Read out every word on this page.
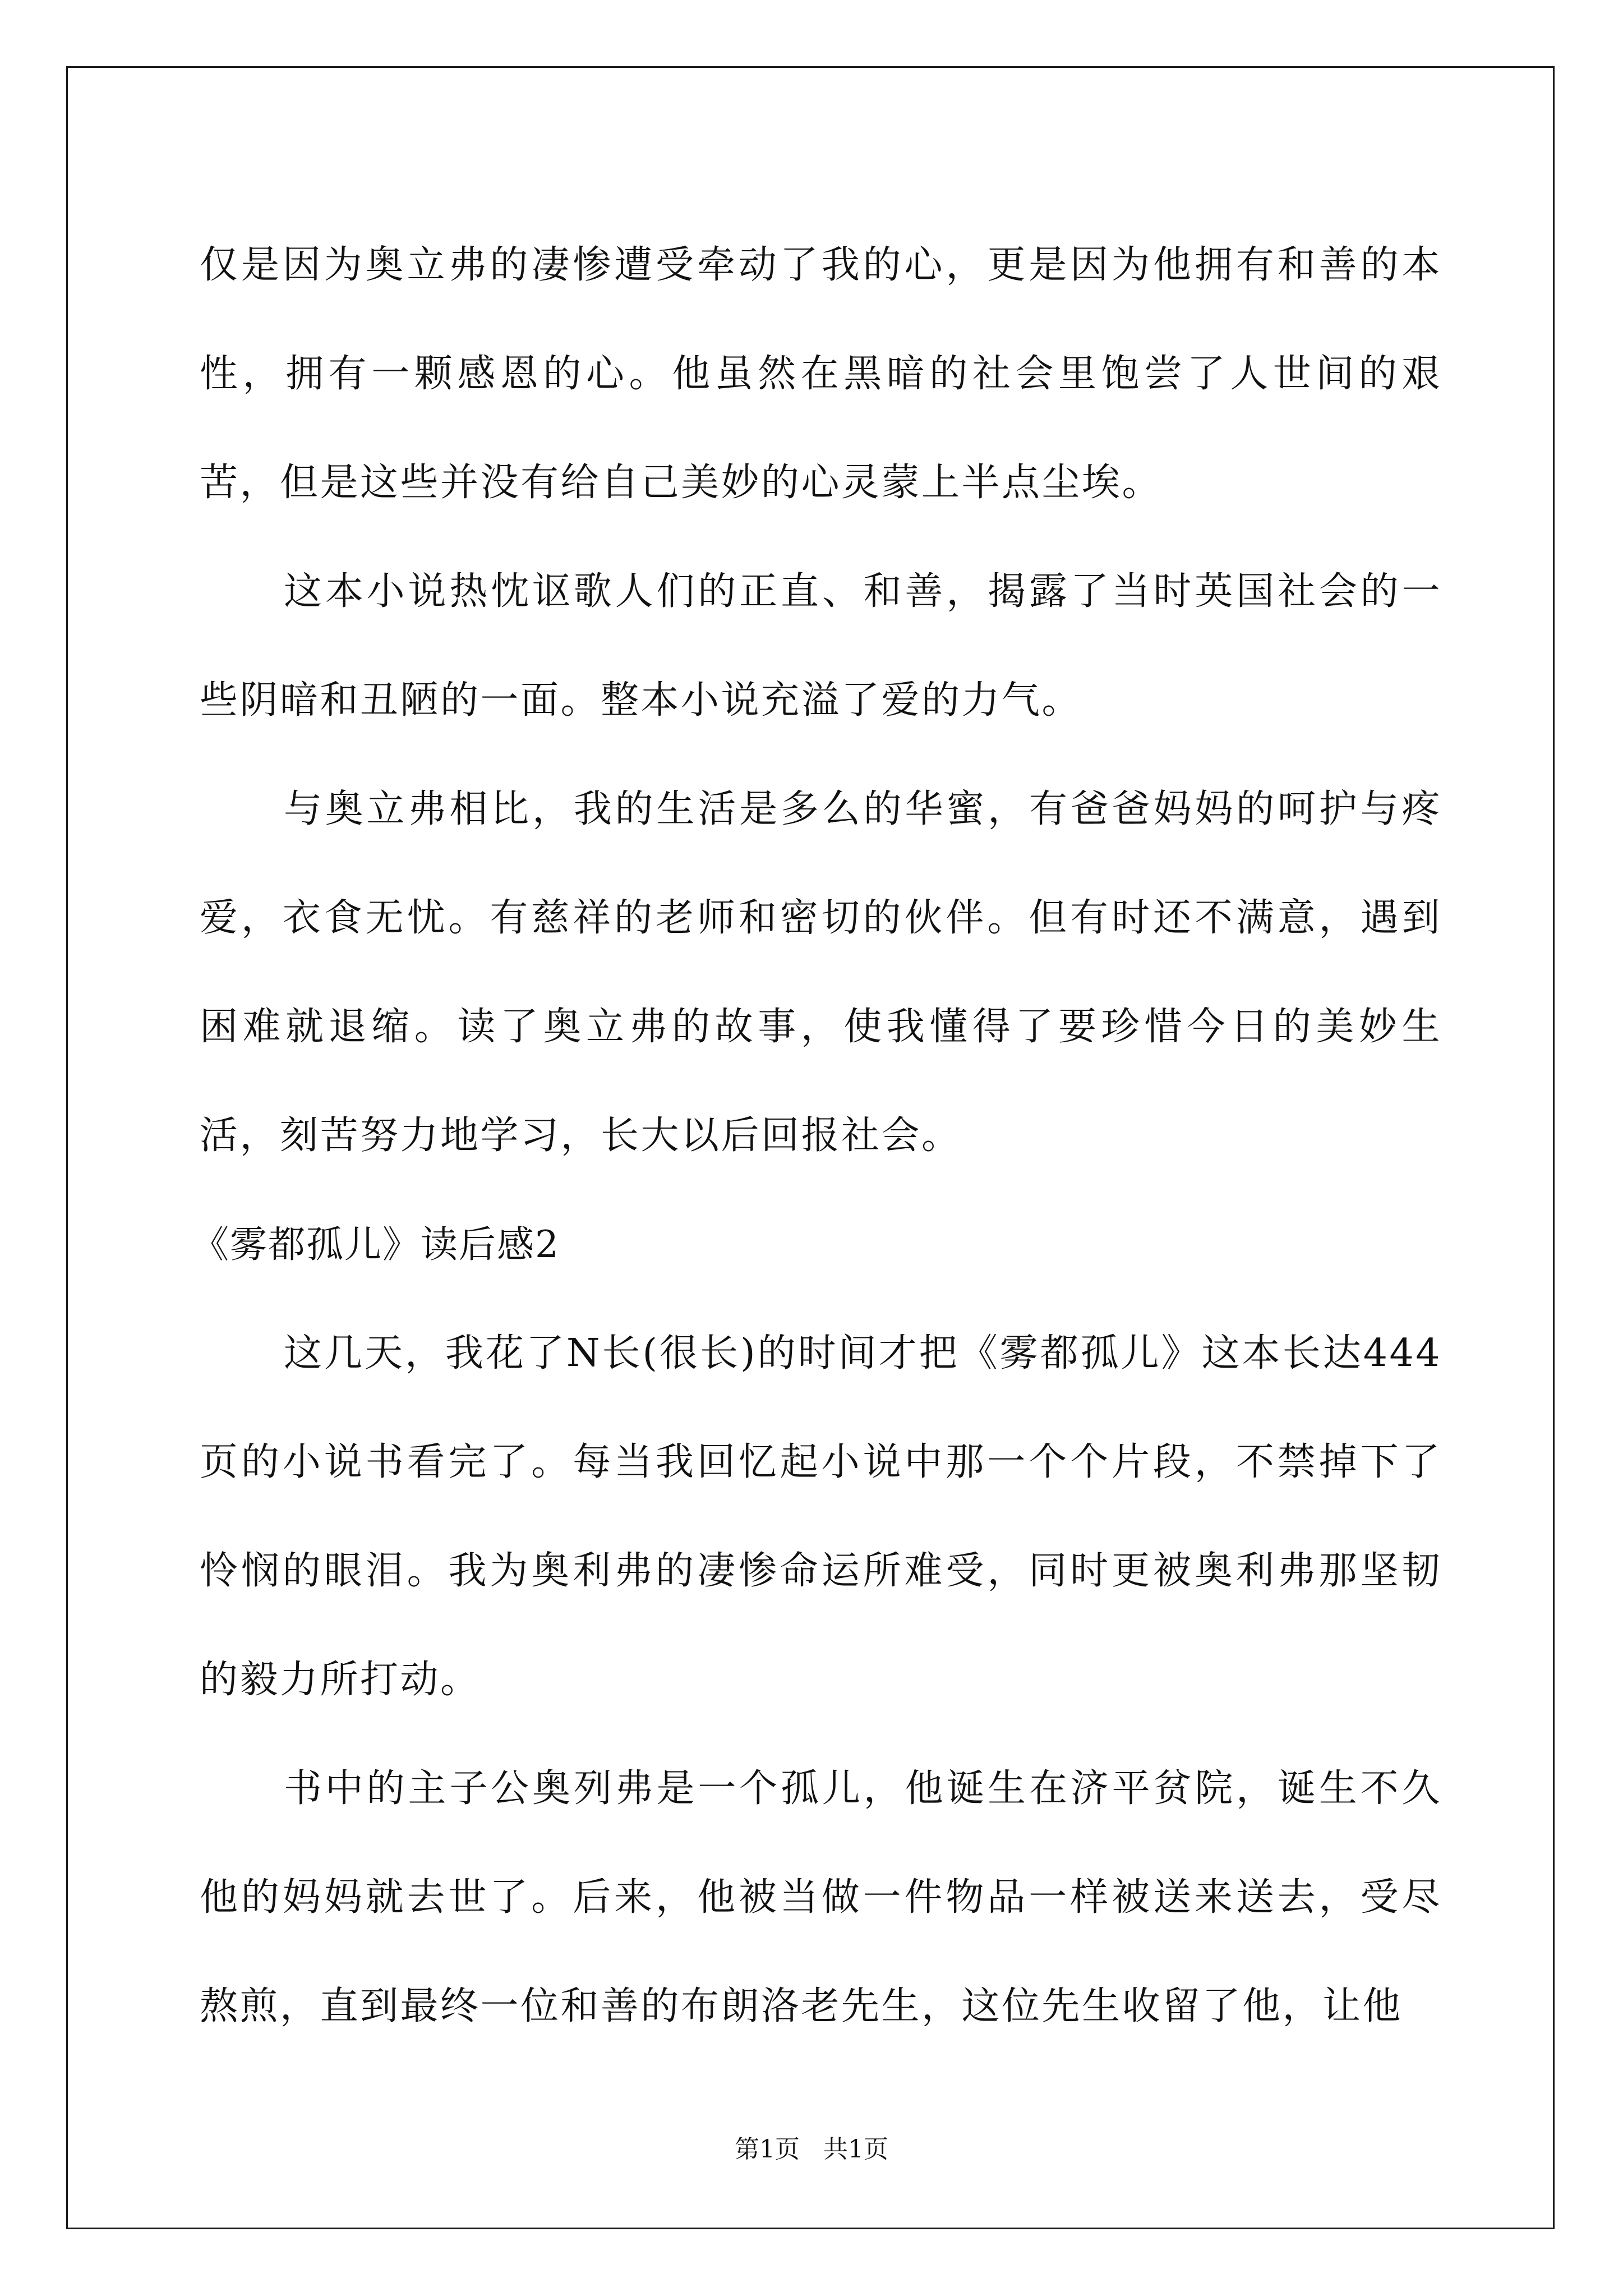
仅是因为奥立弗的凄惨遭受牵动了我的心，更是因为他拥有和善的本性，拥有一颗感恩的心。他虽然在黑暗的社会里饱尝了人世间的艰苦，但是这些并没有给自己美妙的心灵蒙上半点尘埃。

这本小说热忱讴歌人们的正直、和善，揭露了当时英国社会的一些阴暗和丑陋的一面。整本小说充溢了爱的力气。

与奥立弗相比，我的生活是多么的华蜜，有爸爸妈妈的呵护与疼爱，衣食无忧。有慈祥的老师和密切的伙伴。但有时还不满意，遇到困难就退缩。读了奥立弗的故事，使我懂得了要珍惜今日的美妙生活，刻苦努力地学习，长大以后回报社会。

《雾都孤儿》读后感2

这几天，我花了N长(很长)的时间才把《雾都孤儿》这本长达444页的小说书看完了。每当我回忆起小说中那一个个片段，不禁掉下了怜悯的眼泪。我为奥利弗的凄惨命运所难受，同时更被奥利弗那坚韧的毅力所打动。

书中的主子公奥列弗是一个孤儿，他诞生在济平贫院，诞生不久他的妈妈就去世了。后来，他被当做一件物品一样被送来送去，受尽熬煎，直到最终一位和善的布朗洛老先生，这位先生收留了他，让他

第1页 共1页
